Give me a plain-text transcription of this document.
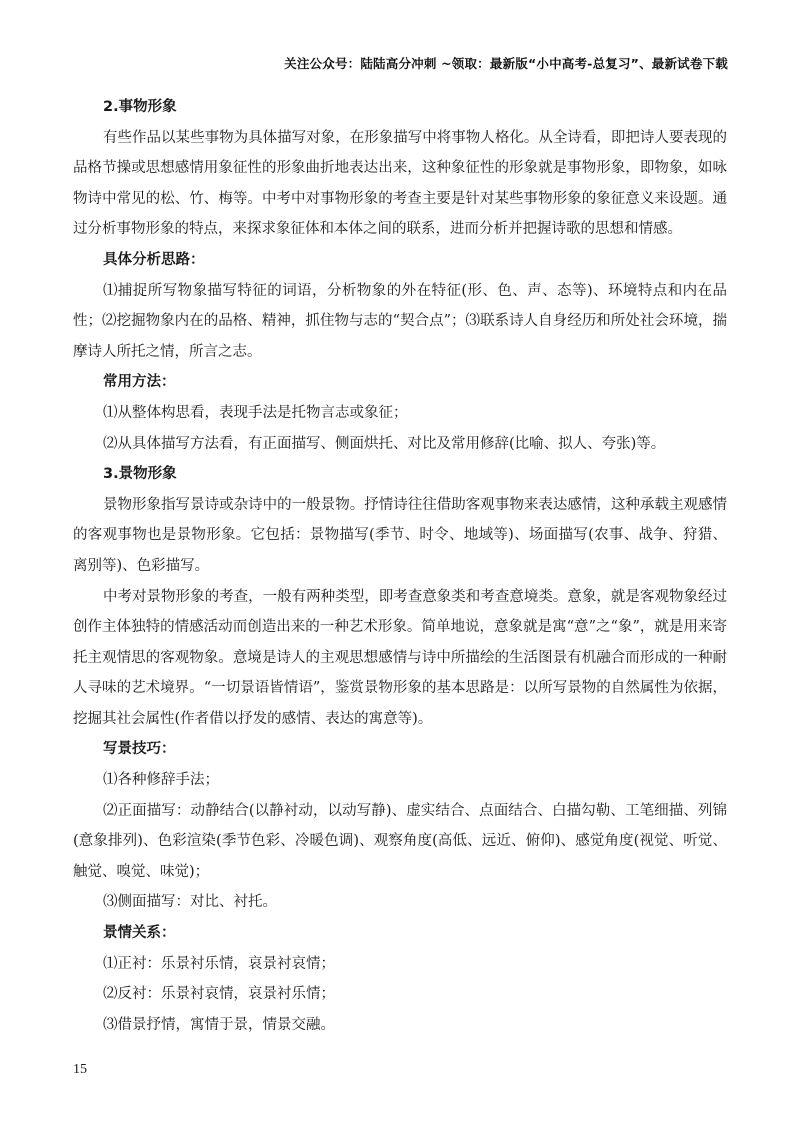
关注公众号：陆陆高分冲刺 ~领取：最新版“小中高考-总复习”、最新试卷下载
2.事物形象
有些作品以某些事物为具体描写对象，在形象描写中将事物人格化。从全诗看，即把诗人要表现的品格节操或思想感情用象征性的形象曲折地表达出来，这种象征性的形象就是事物形象，即物象，如咏物诗中常见的松、竹、梅等。中考中对事物形象的考查主要是针对某些事物形象的象征意义来设题。通过分析事物形象的特点，来探求象征体和本体之间的联系，进而分析并把握诗歌的思想和情感。
具体分析思路：
⑴捕捉所写物象描写特征的词语，分析物象的外在特征(形、色、声、态等)、环境特点和内在品性；⑵挖掘物象内在的品格、精神，抓住物与志的“契合点”；⑶联系诗人自身经历和所处社会环境，揣摩诗人所托之情，所言之志。
常用方法：
⑴从整体构思看，表现手法是托物言志或象征；
⑵从具体描写方法看，有正面描写、侧面烘托、对比及常用修辞(比喻、拟人、夸张)等。
3.景物形象
景物形象指写景诗或杂诗中的一般景物。抒情诗往往借助客观事物来表达感情，这种承载主观感情的客观事物也是景物形象。它包括：景物描写(季节、时令、地域等)、场面描写(农事、战争、狩猎、离别等)、色彩描写。
中考对景物形象的考查，一般有两种类型，即考查意象类和考查意境类。意象，就是客观物象经过创作主体独特的情感活动而创造出来的一种艺术形象。简单地说，意象就是寓“意”之“象”，就是用来寄托主观情思的客观物象。意境是诗人的主观思想感情与诗中所描绘的生活图景有机融合而形成的一种耐人寻味的艺术境界。“一切景语皆情语”，鉴赏景物形象的基本思路是：以所写景物的自然属性为依据，挖掘其社会属性(作者借以抒发的感情、表达的寓意等)。
写景技巧：
⑴各种修辞手法；
⑵正面描写：动静结合(以静衬动，以动写静)、虚实结合、点面结合、白描勾勒、工笔细描、列锦(意象排列)、色彩渲染(季节色彩、冷暖色调)、观察角度(高低、远近、俯仰)、感觉角度(视觉、听觉、触觉、嗅觉、味觉)；
⑶侧面描写：对比、衬托。
景情关系：
⑴正衬：乐景衬乐情，哀景衬哀情；
⑵反衬：乐景衬哀情，哀景衬乐情；
⑶借景抒情，寓情于景，情景交融。
15
